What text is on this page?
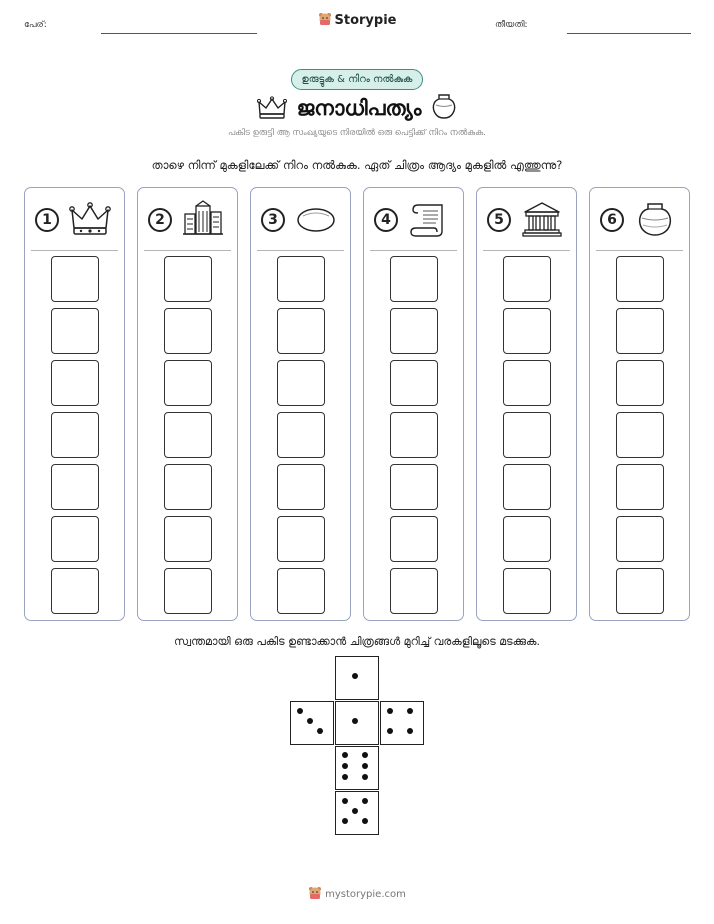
പേര്:	Storypie	തീയതി:
ഉരുട്ടുക & നിറം നൽകുക
ജനാധിപത്യം
പകിട ഉരുട്ടി ആ സംഖ്യയുടെ നിരയിൽ ഒരു പെട്ടിക്ക് നിറം നൽകുക.
താഴെ നിന്ന് മുകളിലേക്ക് നിറം നൽകുക. ഏത് ചിത്രം ആദ്യം മുകളിൽ എത്തുന്നു?
1	2	3	4	5	6
സ്വന്തമായി ഒരു പകിട ഉണ്ടാക്കാൻ ചിത്രങ്ങൾ മുറിച്ച് വരകളിലൂടെ മടക്കുക.
mystorypie.com
